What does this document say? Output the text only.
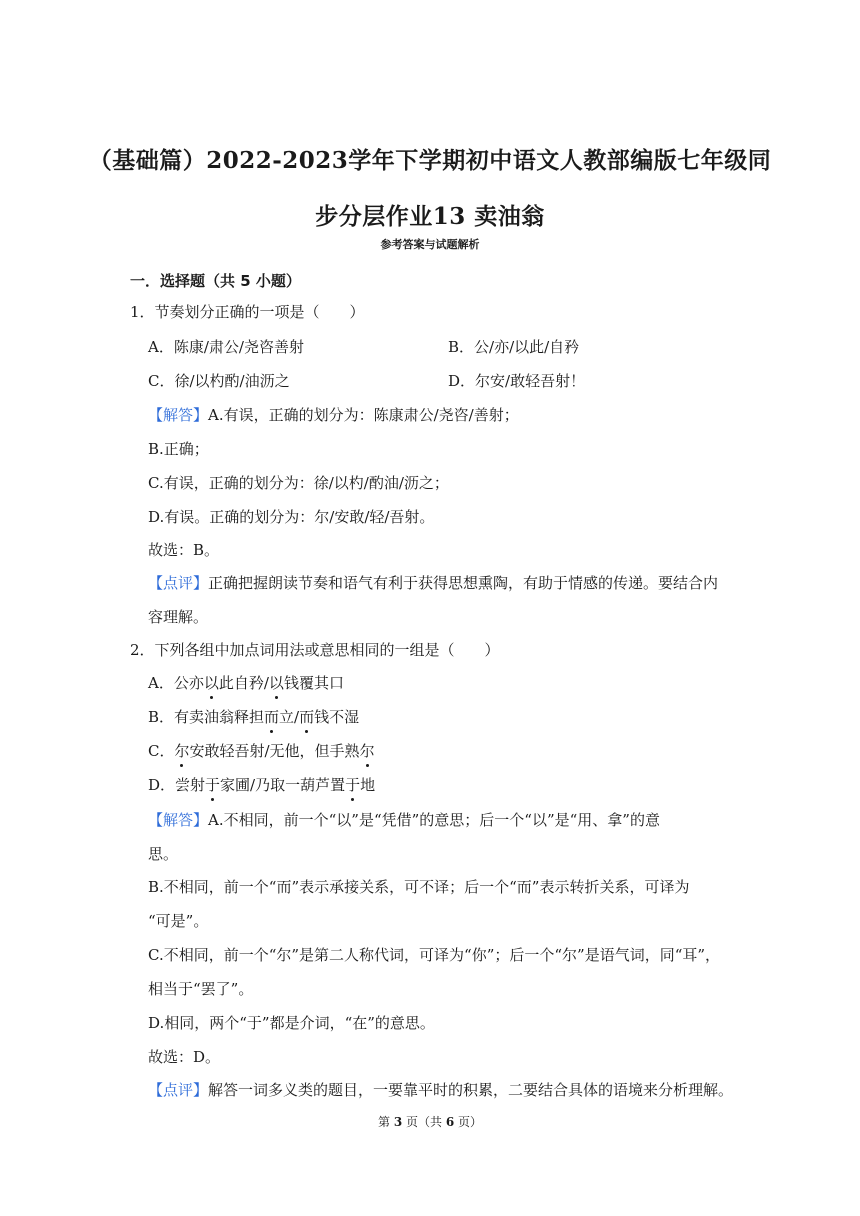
（基础篇）2022-2023学年下学期初中语文人教部编版七年级同
步分层作业13 卖油翁
参考答案与试题解析
一．选择题（共 5 小题）
1．节奏划分正确的一项是（　　）
A．陈康/肃公/尧咨善射	B．公/亦/以此/自矜
C．徐/以杓酌/油沥之	D．尔安/敢轻吾射！
【解答】A.有误，正确的划分为：陈康肃公/尧咨/善射；
B.正确；
C.有误，正确的划分为：徐/以杓/酌油/沥之；
D.有误。正确的划分为：尔/安敢/轻/吾射。
故选：B。
【点评】正确把握朗读节奏和语气有利于获得思想熏陶，有助于情感的传递。要结合内
容理解。
2．下列各组中加点词用法或意思相同的一组是（　　）
A．公亦以此自矜/以钱覆其口
B．有卖油翁释担而立/而钱不湿
C．尔安敢轻吾射/无他，但手熟尔
D．尝射于家圃/乃取一葫芦置于地
【解答】A.不相同，前一个“以”是“凭借”的意思；后一个“以”是“用、拿”的意
思。
B.不相同，前一个“而”表示承接关系，可不译；后一个“而”表示转折关系，可译为
“可是”。
C.不相同，前一个“尔”是第二人称代词，可译为“你”；后一个“尔”是语气词，同“耳”，
相当于“罢了”。
D.相同，两个“于”都是介词，“在”的意思。
故选：D。
【点评】解答一词多义类的题目，一要靠平时的积累，二要结合具体的语境来分析理解。
第 3 页（共 6 页）
